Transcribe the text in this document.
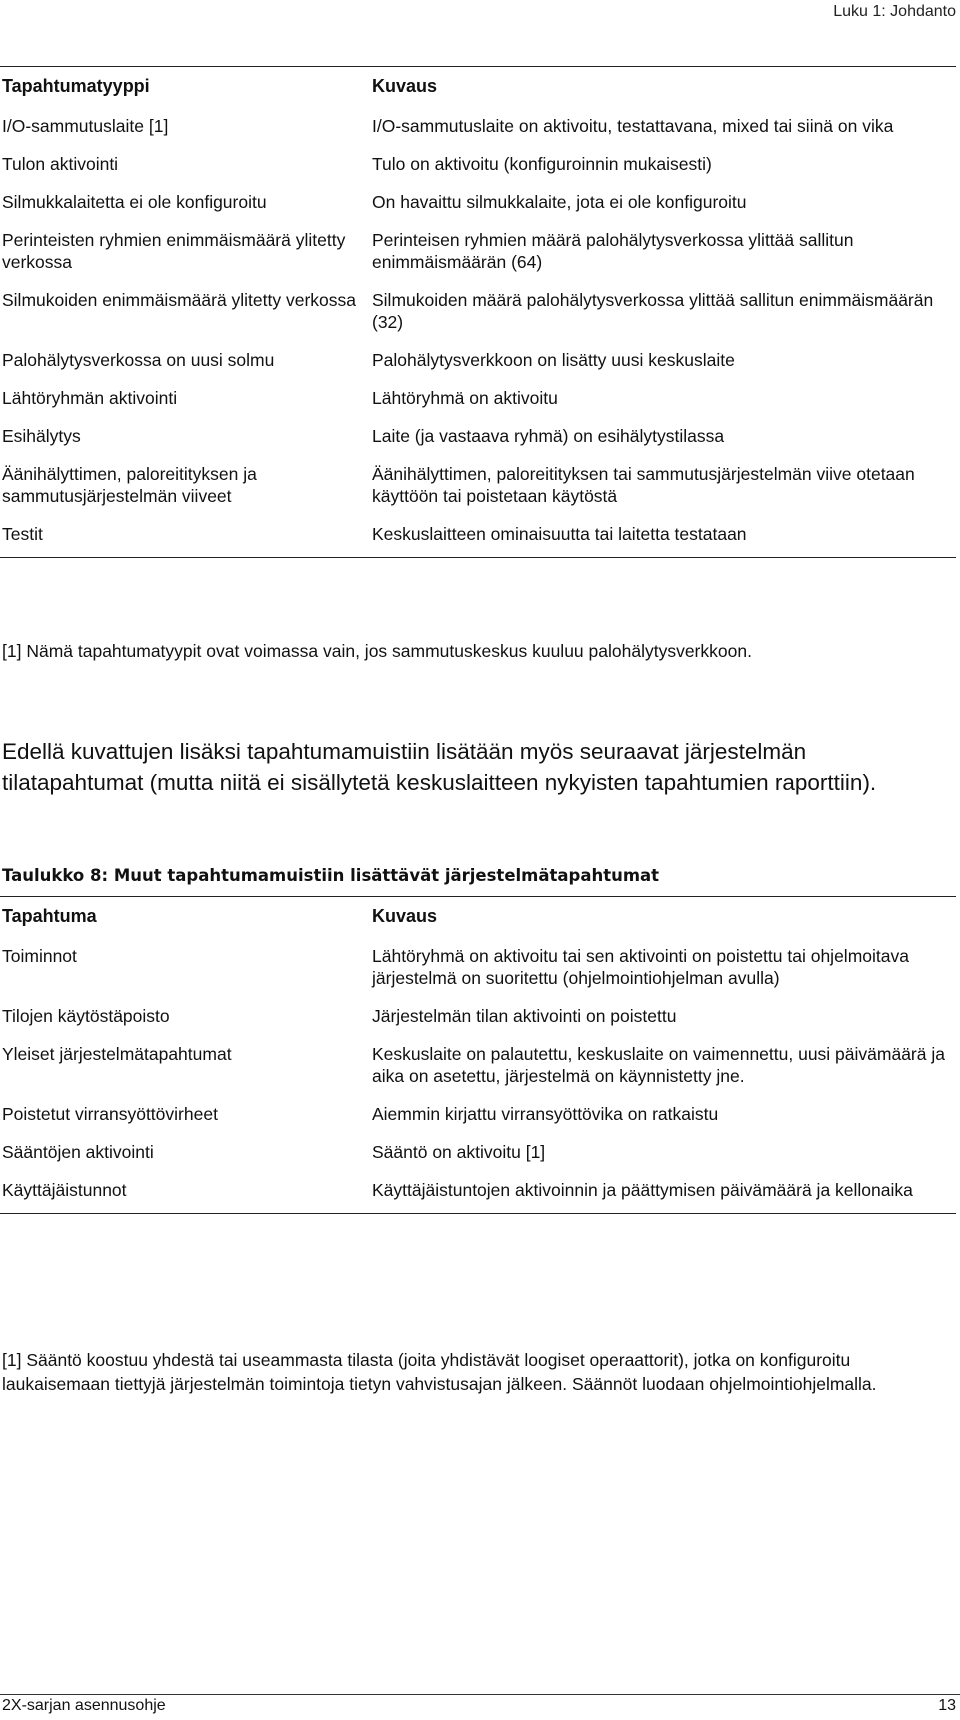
Luku 1: Johdanto
Tapahtumatyyppi	Kuvaus
I/O-sammutuslaite [1]	I/O-sammutuslaite on aktivoitu, testattavana, mixed tai siinä on vika
Tulon aktivointi	Tulo on aktivoitu (konfiguroinnin mukaisesti)
Silmukkalaitetta ei ole konfiguroitu	On havaittu silmukkalaite, jota ei ole konfiguroitu
Perinteisten ryhmien enimmäismäärä ylitetty verkossa	Perinteisen ryhmien määrä palohälytysverkossa ylittää sallitun enimmäismäärän (64)
Silmukoiden enimmäismäärä ylitetty verkossa	Silmukoiden määrä palohälytysverkossa ylittää sallitun enimmäismäärän (32)
Palohälytysverkossa on uusi solmu	Palohälytysverkkoon on lisätty uusi keskuslaite
Lähtöryhmän aktivointi	Lähtöryhmä on aktivoitu
Esihälytys	Laite (ja vastaava ryhmä) on esihälytystilassa
Äänihälyttimen, paloreitityksen ja sammutusjärjestelmän viiveet	Äänihälyttimen, paloreitityksen tai sammutusjärjestelmän viive otetaan käyttöön tai poistetaan käytöstä
Testit	Keskuslaitteen ominaisuutta tai laitetta testataan
[1] Nämä tapahtumatyypit ovat voimassa vain, jos sammutuskeskus kuuluu palohälytysverkkoon.
Edellä kuvattujen lisäksi tapahtumamuistiin lisätään myös seuraavat järjestelmän tilatapahtumat (mutta niitä ei sisällytetä keskuslaitteen nykyisten tapahtumien raporttiin).
Taulukko 8: Muut tapahtumamuistiin lisättävät järjestelmätapahtumat
Tapahtuma	Kuvaus
Toiminnot	Lähtöryhmä on aktivoitu tai sen aktivointi on poistettu tai ohjelmoitava järjestelmä on suoritettu (ohjelmointiohjelman avulla)
Tilojen käytöstäpoisto	Järjestelmän tilan aktivointi on poistettu
Yleiset järjestelmätapahtumat	Keskuslaite on palautettu, keskuslaite on vaimennettu, uusi päivämäärä ja aika on asetettu, järjestelmä on käynnistetty jne.
Poistetut virransyöttövirheet	Aiemmin kirjattu virransyöttövika on ratkaistu
Sääntöjen aktivointi	Sääntö on aktivoitu [1]
Käyttäjäistunnot	Käyttäjäistuntojen aktivoinnin ja päättymisen päivämäärä ja kellonaika
[1] Sääntö koostuu yhdestä tai useammasta tilasta (joita yhdistävät loogiset operaattorit), jotka on konfiguroitu laukaisemaan tiettyjä järjestelmän toimintoja tietyn vahvistusajan jälkeen. Säännöt luodaan ohjelmointiohjelmalla.
2X-sarjan asennusohje	13
